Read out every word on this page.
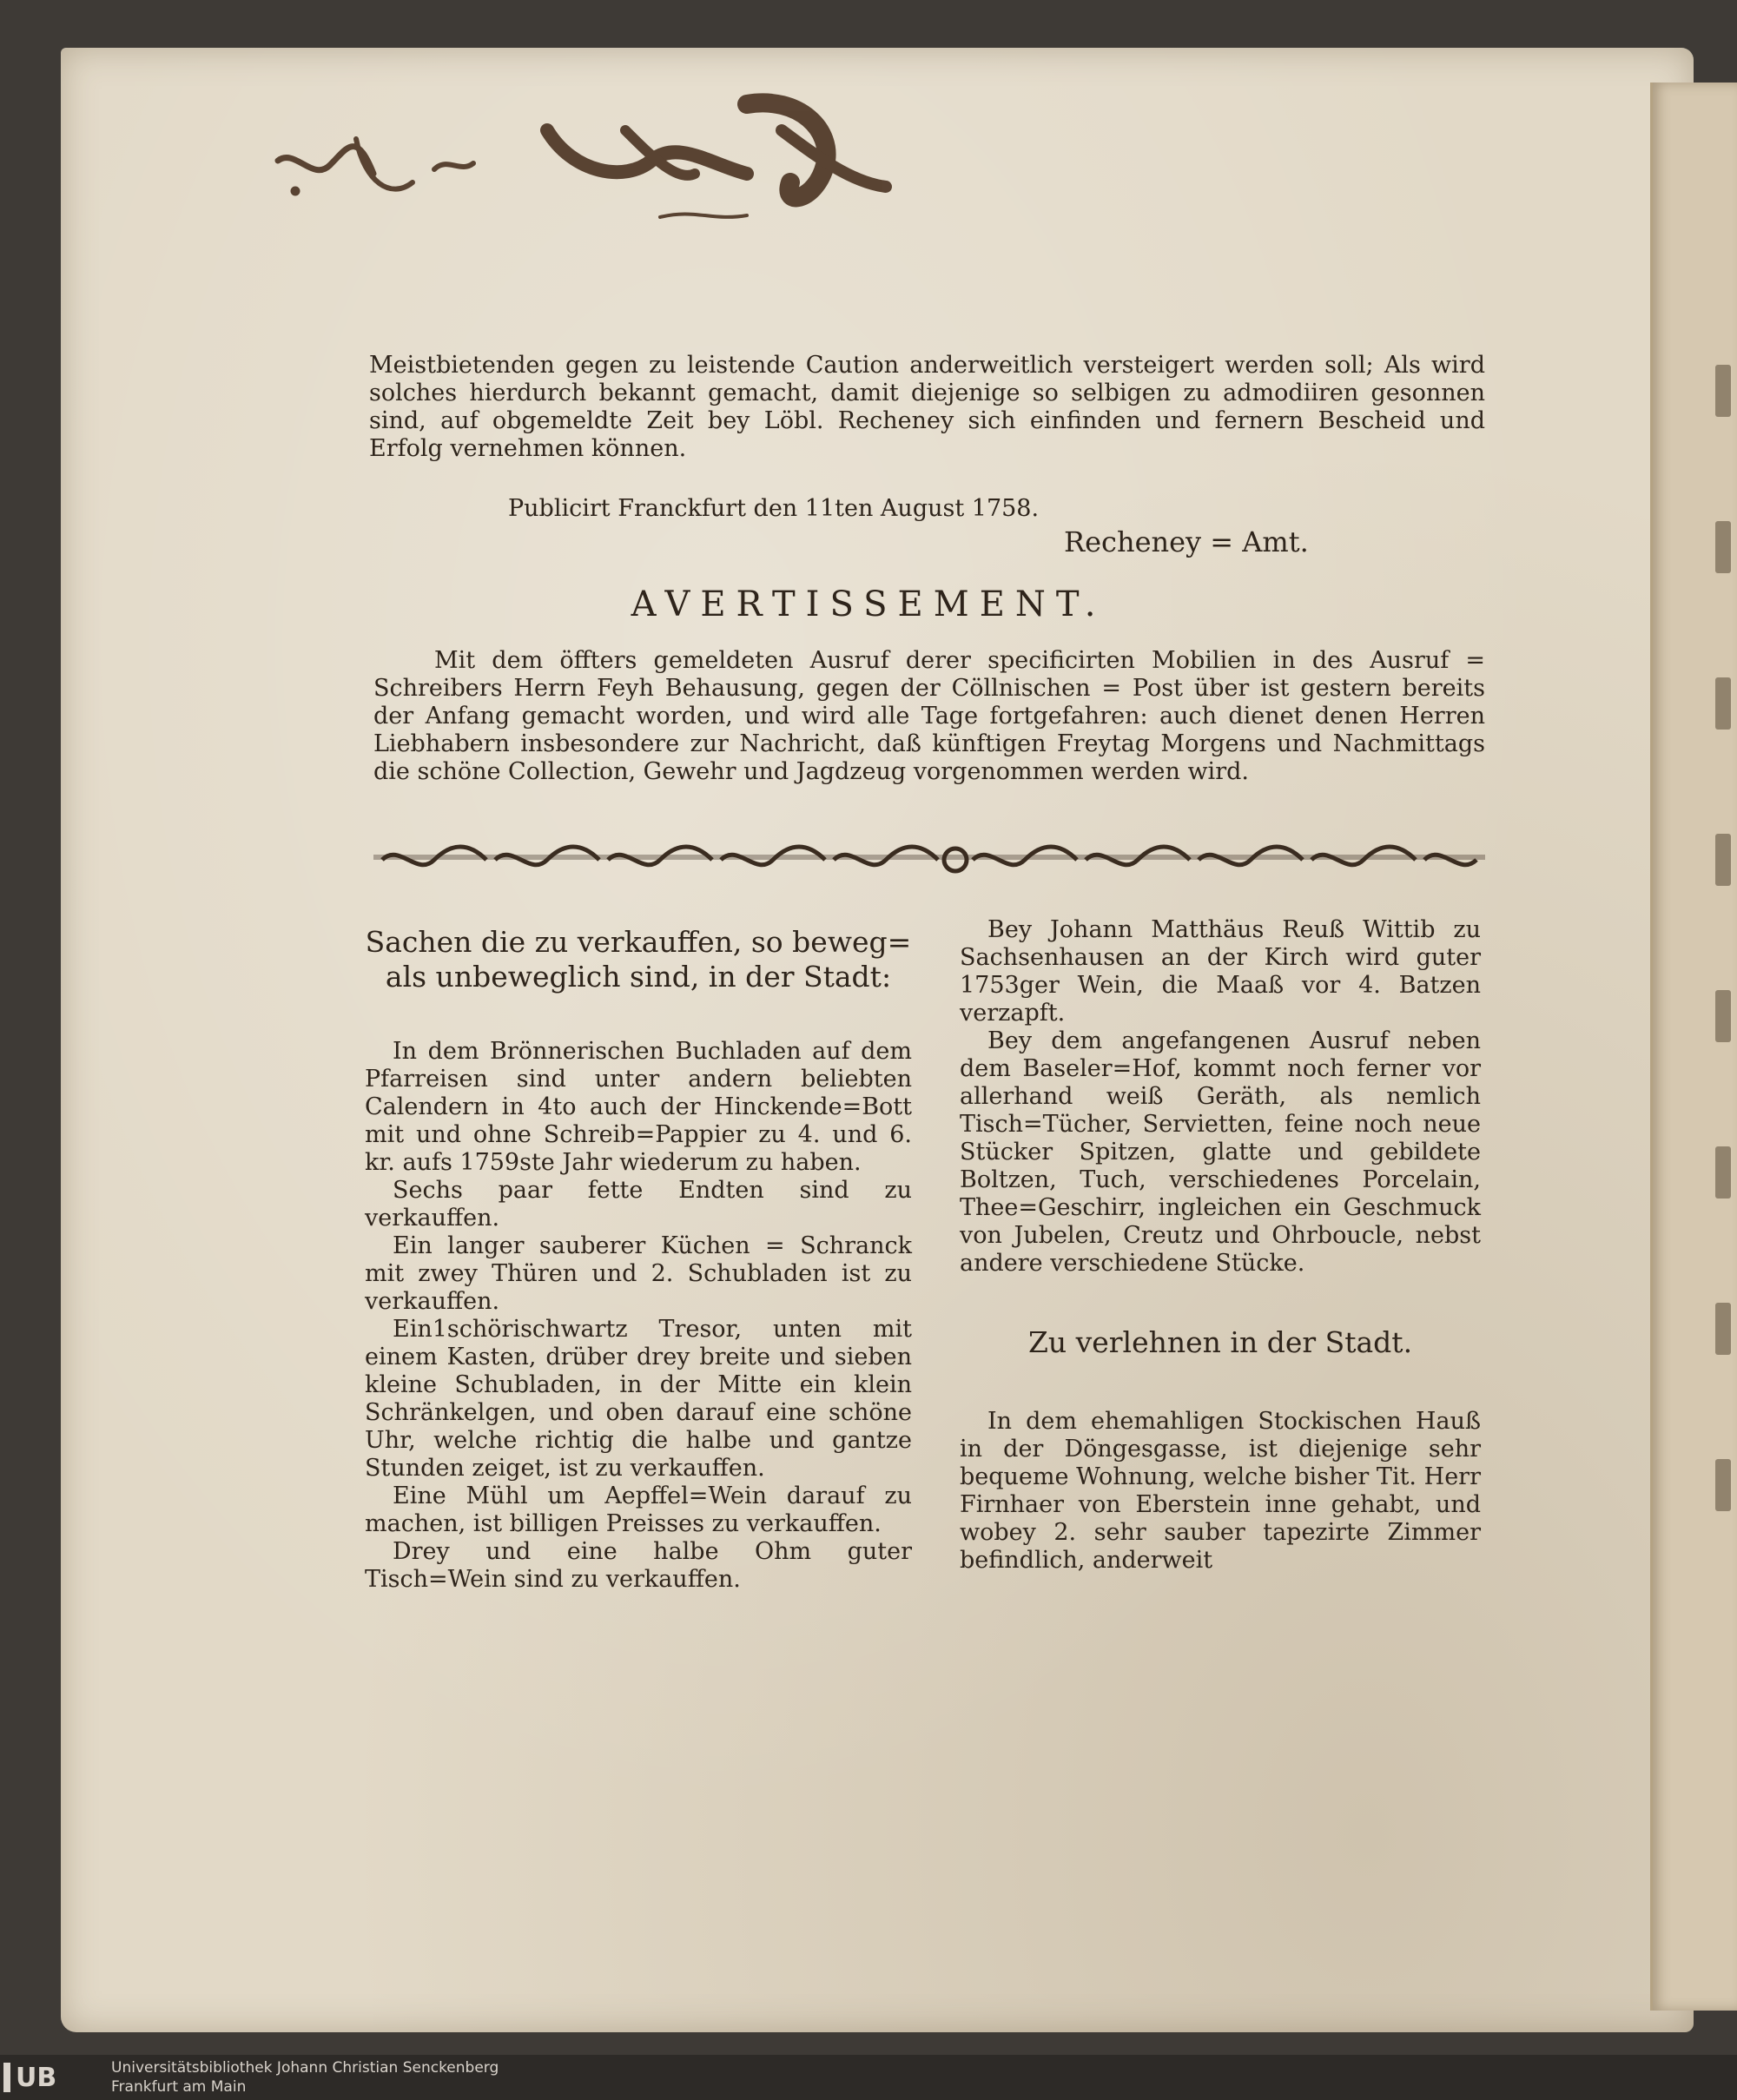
Meistbietenden gegen zu leistende Caution anderweitlich versteigert werden soll; Als wird solches hierdurch bekannt gemacht, damit diejenige so selbigen zu admodiiren gesonnen sind, auf obgemeldte Zeit bey Löbl. Recheney sich einfinden und fernern Bescheid und Erfolg vernehmen können.
Publicirt Franckfurt den 11ten August 1758.
Recheney = Amt.
AVERTISSEMENT.
Mit dem öffters gemeldeten Ausruf derer specificirten Mobilien in des Ausruf = Schreibers Herrn Feyh Behausung, gegen der Cöllnischen = Post über ist gestern bereits der Anfang gemacht worden, und wird alle Tage fortgefahren: auch dienet denen Herren Liebhabern insbesondere zur Nachricht, daß künftigen Freytag Morgens und Nachmittags die schöne Collection, Gewehr und Jagdzeug vorgenommen werden wird.
Sachen die zu verkauffen, so beweg= als unbeweglich sind, in der Stadt:

In dem Brönnerischen Buchladen auf dem Pfarreisen sind unter andern beliebten Calendern in 4to auch der Hinckende=Bott mit und ohne Schreib=Pappier zu 4. und 6. kr. aufs 1759ste Jahr wiederum zu haben.

Sechs paar fette Endten sind zu verkauffen.

Ein langer sauberer Küchen = Schranck mit zwey Thüren und 2. Schubladen ist zu verkauffen.

Ein1schörischwartz Tresor, unten mit einem Kasten, drüber drey breite und sieben kleine Schubladen, in der Mitte ein klein Schränkelgen, und oben darauf eine schöne Uhr, welche richtig die halbe und gantze Stunden zeiget, ist zu verkauffen.

Eine Mühl um Aepffel=Wein darauf zu machen, ist billigen Preisses zu verkauffen.

Drey und eine halbe Ohm guter Tisch=Wein sind zu verkauffen.

Bey Johann Matthäus Reuß Wittib zu Sachsenhausen an der Kirch wird guter 1753ger Wein, die Maaß vor 4. Batzen verzapft.

Bey dem angefangenen Ausruf neben dem Baseler=Hof, kommt noch ferner vor allerhand weiß Geräth, als nemlich Tisch=Tücher, Servietten, feine noch neue Stücker Spitzen, glatte und gebildete Boltzen, Tuch, verschiedenes Porcelain, Thee=Geschirr, ingleichen ein Geschmuck von Jubelen, Creutz und Ohrboucle, nebst andere verschiedene Stücke.

Zu verlehnen in der Stadt.

In dem ehemahligen Stockischen Hauß in der Döngesgasse, ist diejenige sehr bequeme Wohnung, welche bisher Tit. Herr Firnhaer von Eberstein inne gehabt, und wobey 2. sehr sauber tapezirte Zimmer befindlich, anderweit

UB	Universitätsbibliothek Johann Christian Senckenberg
Frankfurt am Main
